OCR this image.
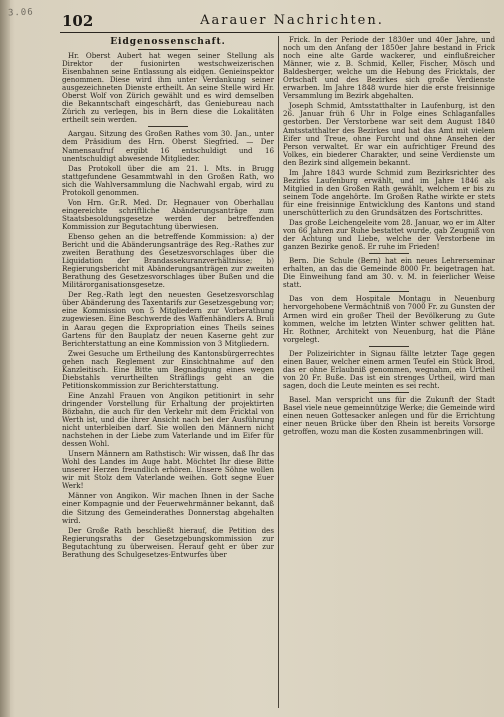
3.06 102	Aarauer Nachrichten.
Eidgenossenschaft.

Hr. Oberst Aubert hat wegen seiner Stellung als Direktor der fusionirten westschweizerischen Eisenbahnen seine Entlassung als eidgen. Genieinspektor genommen. Diese wird ihm unter Verdankung seiner ausgezeichneten Dienste ertheilt. An seine Stelle wird Hr. Oberst Wolf von Zürich gewählt und es wird demselben die Bekanntschaft eingeschärft, das Geniebureau nach Zürich zu verlegen, bis in Bern diese die Lokalitäten ertheilt sein werden.

Aargau. Sitzung des Großen Rathes vom 30. Jan., unter dem Präsidium des Hrn. Oberst Siegfried. — Der Namensaufruf ergibt 16 entschuldigt und 16 unentschuldigt abwesende Mitglieder.

Das Protokoll über die am 21. l. Mts. in Brugg stattgefundene Gesammtwahl in den Großen Rath, wo sich die Wahlversammlung die Nachwahl ergab, wird zu Protokoll genommen.

Von Hrn. Gr.R. Med. Dr. Hegnauer von Oberhallau eingereichte schriftliche Abänderungsanträge zum Staatsbesoldungsgesetze werden der betreffenden Kommission zur Begutachtung überwiesen.

Ebenso gehen an die betreffende Kommission: a) der Bericht und die Abänderungsanträge des Reg.-Rathes zur zweiten Berathung des Gesetzesvorschlages über die Liquidation der Brandassekuranzverhältnisse; b) Regierungsbericht mit Abänderungsanträgen zur zweiten Berathung des Gesetzesvorschlages über Bußen und die Militärorganisationsgesetze.

Der Reg.-Rath legt den neuesten Gesetzesvorschlag über Abänderung des Taxentarifs zur Gesetzesgebung vor; eine Kommission von 5 Mitgliedern zur Vorberathung zugewiesen. Eine Beschwerde des Waffenhändlers A. Bruli in Aarau gegen die Expropriation eines Theils seines Gartens für den Bauplatz der neuen Kaserne geht zur Berichterstattung an eine Kommission von 3 Mitgliedern.

Zwei Gesuche um Ertheilung des Kantonsbürgerrechtes gehen nach Reglement zur Einsichtnahme auf den Kanzleitisch. Eine Bitte um Begnadigung eines wegen Diebstahls verurtheilten Sträflings geht an die Petitionskommission zur Berichterstattung.

Eine Anzahl Frauen von Angikon petitionirt in sehr dringender Vorstellung für Erhaltung der projektirten Bözbahn, die auch für den Verkehr mit dem Fricktal von Werth ist, und die ihrer Ansicht nach bei der Ausführung nicht unterbleiben darf. Sie wollen den Männern nicht nachstehen in der Liebe zum Vaterlande und im Eifer für dessen Wohl.

Unsern Männern am Rathstisch: Wir wissen, daß Ihr das Wohl des Landes im Auge habt. Möchtet Ihr diese Bitte unserer Herzen freundlich erhören. Unsere Söhne wollen wir mit Stolz dem Vaterlande weihen. Gott segne Euer Werk!

Männer von Angikon. Wir machen Ihnen in der Sache einer Kompagnie und der Feuerwehrmänner bekannt, daß die Sitzung des Gemeinderathes Donnerstag abgehalten wird.

Der Große Rath beschließt hierauf, die Petition des Regierungsraths der Gesetzgebungskommission zur Begutachtung zu überweisen. Herauf geht er über zur Berathung des Schulgesetzes-Entwurfes über

Frick. In der Periode der 1830er und 40er Jahre, und noch um den Anfang der 1850er Jahre bestand in Frick noch eine alte Garde wackerer, und einflußreicher Männer, wie z. B. Schmid, Keller, Fischer, Mösch und Baldesberger, welche um die Hebung des Fricktals, der Ortschaft und des Bezirkes sich große Verdienste erwarben. Im Jahre 1848 wurde hier die erste freisinnige Versammlung im Bezirk abgehalten.

Joseph Schmid, Amtsstatthalter in Laufenburg, ist den 26. Januar früh 6 Uhr in Folge eines Schlaganfalles gestorben. Der Verstorbene war seit dem August 1840 Amtsstatthalter des Bezirkes und hat das Amt mit vielem Eifer und Treue, ohne Furcht und ohne Ansehen der Person verwaltet. Er war ein aufrichtiger Freund des Volkes, ein biederer Charakter, und seine Verdienste um den Bezirk sind allgemein bekannt.

Im Jahre 1843 wurde Schmid zum Bezirksrichter des Bezirks Laufenburg erwählt, und im Jahre 1846 als Mitglied in den Großen Rath gewählt, welchem er bis zu seinem Tode angehörte. Im Großen Rathe wirkte er stets für eine freisinnige Entwicklung des Kantons und stand unerschütterlich zu den Grundsätzen des Fortschrittes.

Das große Leichengeleite vom 28. Januar, wo er im Alter von 66 Jahren zur Ruhe bestattet wurde, gab Zeugniß von der Achtung und Liebe, welche der Verstorbene im ganzen Bezirke genoß. Er ruhe im Frieden!

Bern. Die Schule (Bern) hat ein neues Lehrerseminar erhalten, an das die Gemeinde 8000 Fr. beigetragen hat. Die Einweihung fand am 30. v. M. in feierlicher Weise statt.

Das von dem Hospitale Montagu in Neuenburg hervorgehobene Vermächtniß von 7000 Fr. zu Gunsten der Armen wird ein großer Theil der Bevölkerung zu Gute kommen, welche im letzten Winter schwer gelitten hat. Hr. Rothner, Architekt von Neuenburg, hat die Pläne vorgelegt.

Der Polizeirichter in Signau fällte letzter Tage gegen einen Bauer, welcher einem armen Teufel ein Stück Brod, das er ohne Erlaubniß genommen, wegnahm, ein Urtheil von 20 Fr. Buße. Das ist ein strenges Urtheil, wird man sagen, doch die Leute meinten es sei recht.

Basel. Man verspricht uns für die Zukunft der Stadt Basel viele neue gemeinnützige Werke; die Gemeinde wird einen neuen Gottesacker anlegen und für die Errichtung einer neuen Brücke über den Rhein ist bereits Vorsorge getroffen, wozu man die Kosten zusammenbringen will.
